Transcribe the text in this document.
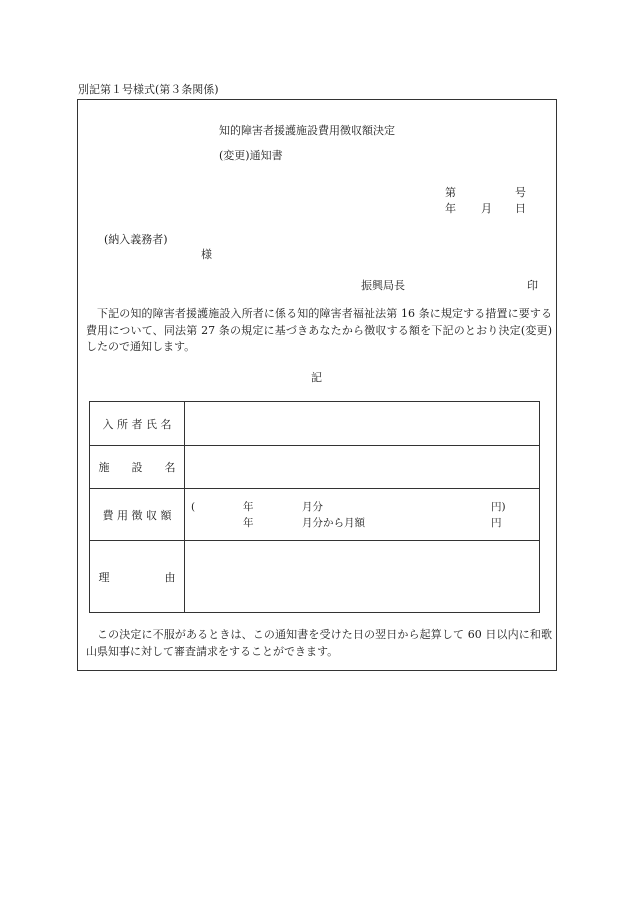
別記第１号様式(第３条関係)
知的障害者援護施設費用徴収額決定
(変更)通知書
第	号
年 月 日
(納入義務者)
様
振興局長	印
下記の知的障害者援護施設入所者に係る知的障害者福祉法第 16 条に規定する措置に要する費用について、同法第 27 条の規定に基づきあなたから徴収する額を下記のとおり決定(変更)したので通知します。
記
入 所 者 氏 名
施　　設　　名
費 用 徴 収 額
(	年	月分	円)
年	月分から月額	円
理　　　　　由
この決定に不服があるときは、この通知書を受けた日の翌日から起算して 60 日以内に和歌山県知事に対して審査請求をすることができます。
